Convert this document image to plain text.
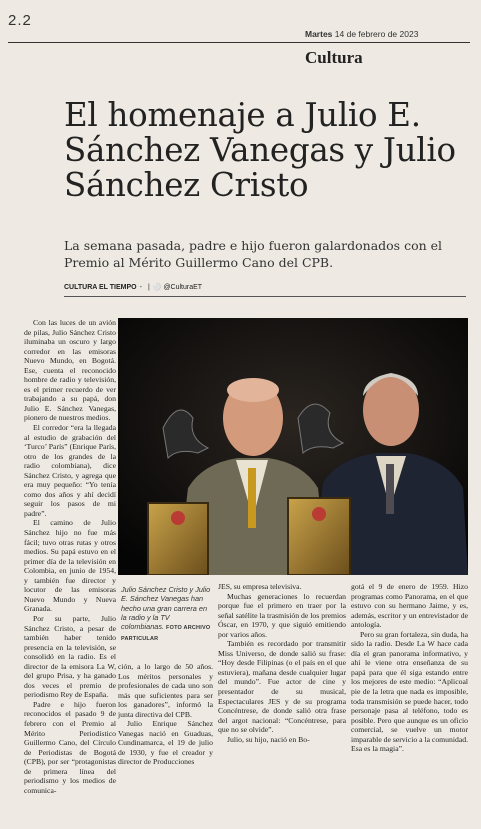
2.2
Martes 14 de febrero de 2023
Cultura
El homenaje a Julio E. Sánchez Vanegas y Julio Sánchez Cristo
La semana pasada, padre e hijo fueron galardonados con el Premio al Mérito Guillermo Cano del CPB.
CULTURA EL TIEMPO - | ⚪ @CulturaET

Con las luces de un avión de pilas, Julio Sánchez Cristo iluminaba un oscuro y largo corredor en las emisoras Nuevo Mundo, en Bogotá. Ese, cuenta el reconocido hombre de radio y televisión, es el primer recuerdo de ver trabajando a su papá, don Julio E. Sánchez Vanegas, pionero de nuestros medios.

El corredor “era la llegada al estudio de grabación del ‘Turco’ París” (Enrique París, otro de los grandes de la radio colombiana), dice Sánchez Cristo, y agrega que era muy pequeño: “Yo tenía como dos años y ahí decidí seguir los pasos de mi padre”.

El camino de Julio Sánchez hijo no fue más fácil; tuvo otras rutas y otros medios. Su papá estuvo en el primer día de la televisión en Colombia, en junio de 1954, y también fue director y locutor de las emisoras Nuevo Mundo y Nueva Granada.

Por su parte, Julio Sánchez Cristo, a pesar de también haber tenido presencia en la televisión, se consolidó en la radio. Es el director de la emisora La W, del grupo Prisa, y ha ganado dos veces el premio de periodismo Rey de España.

Padre e hijo fueron reconocidos el pasado 9 de febrero con el Premio al Mérito Periodístico Guillermo Cano, del Círculo de Periodistas de Bogotá (CPB), por ser “protagonistas de primera línea del periodismo y los medios de comunica-

Julio Sánchez Cristo y Julio E. Sánchez Vanegas han hecho una gran carrera en la radio y la TV colombianas. FOTO ARCHIVO PARTICULAR

ción, a lo largo de 50 años. Los méritos personales y profesionales de cada uno son más que suficientes para ser los ganadores”, informó la junta directiva del CPB.

Julio Enrique Sánchez Vanegas nació en Guaduas, Cundinamarca, el 19 de julio de 1930, y fue el creador y director de Producciones

JES, su empresa televisiva.

Muchas generaciones lo recuerdan porque fue el primero en traer por la señal satélite la trasmisión de los premios Óscar, en 1970, y que siguió emitiendo por varios años.

También es recordado por transmitir Miss Universo, de donde salió su frase: “Hoy desde Filipinas (o el país en el que estuviera), mañana desde cualquier lugar del mundo”. Fue actor de cine y presentador de su musical, Espectaculares JES y de su programa Concéntrese, de donde salió otra frase del argot nacional: “Concéntrese, para que no se olvide”.

Julio, su hijo, nació en Bo-

gotá el 9 de enero de 1959. Hizo programas como Panorama, en el que estuvo con su hermano Jaime, y es, además, escritor y un entrevistador de antología.

Pero su gran fortaleza, sin duda, ha sido la radio. Desde La W hace cada día el gran panorama informativo, y ahí le viene otra enseñanza de su papá para que él siga estando entre los mejores de este medio: “Aplicoal pie de la letra que nada es imposible, toda transmisión se puede hacer, todo personaje pasa al teléfono, todo es posible. Pero que aunque es un oficio comercial, se vuelve un motor imparable de servicio a la comunidad. Esa es la magia”.
